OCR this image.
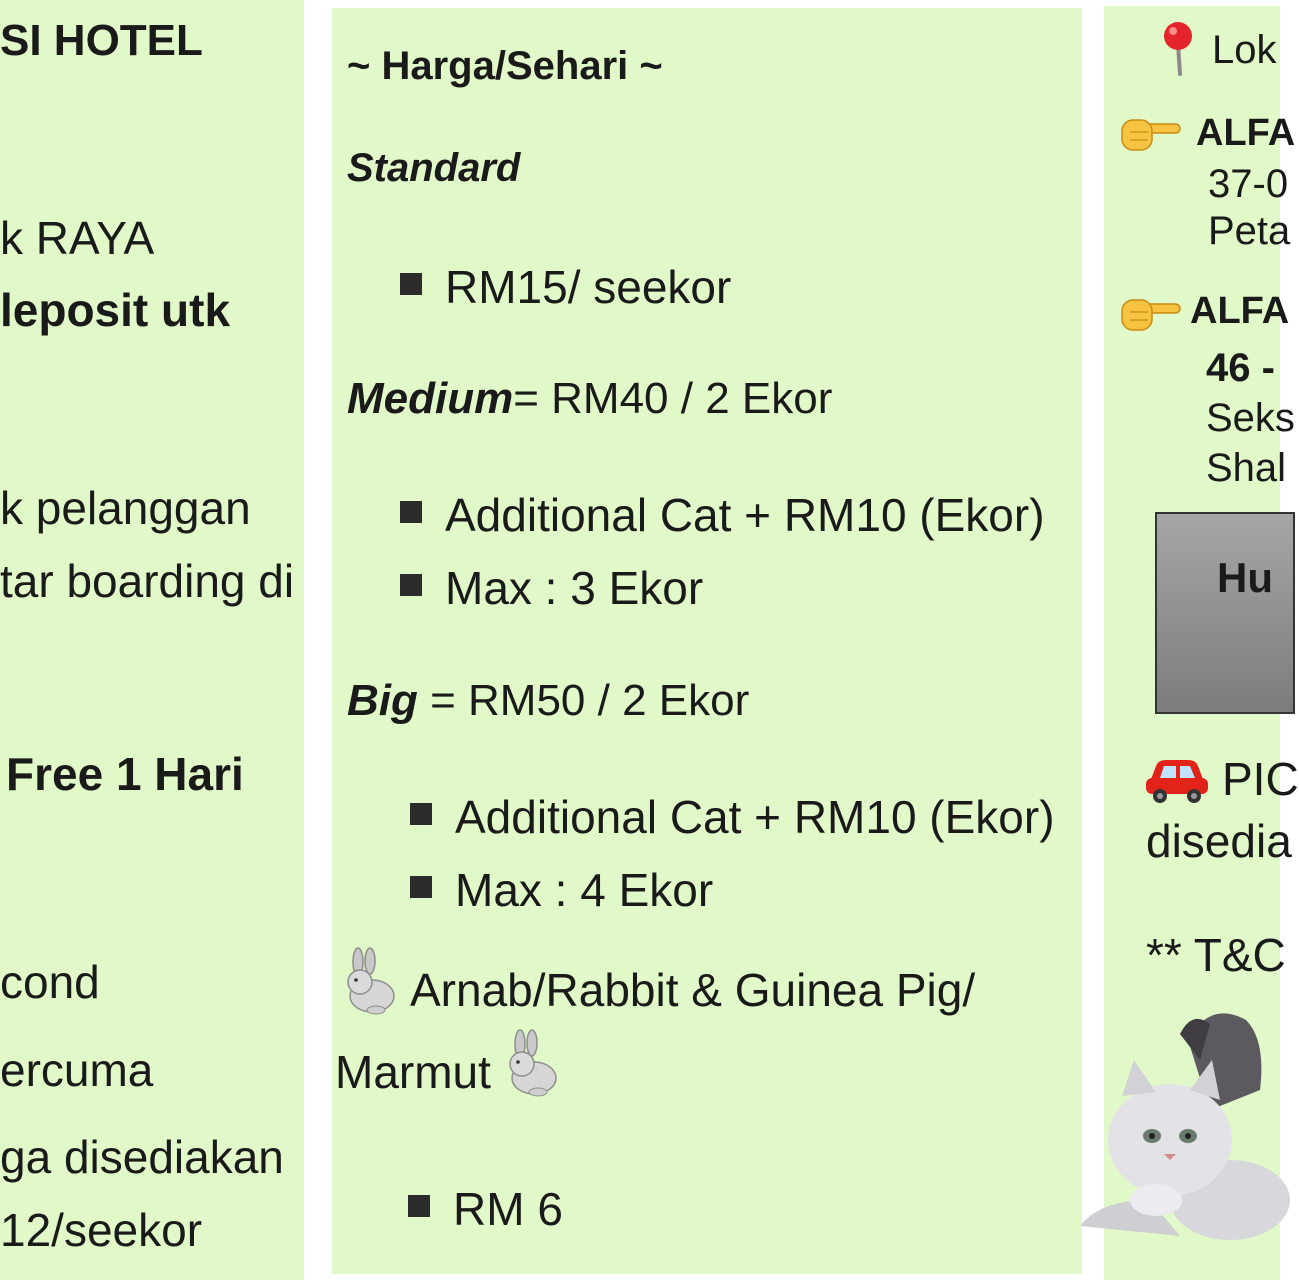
SI HOTEL
k RAYA
leposit utk
k pelanggan
tar boarding di
Free 1 Hari
cond
ercuma
ga disediakan
12/seekor
~ Harga/Sehari ~
Standard
RM15/ seekor
Medium= RM40 / 2 Ekor
Additional Cat + RM10 (Ekor)
Max : 3 Ekor
Big = RM50 / 2 Ekor
Additional Cat + RM10 (Ekor)
Max : 4 Ekor
Arnab/Rabbit & Guinea Pig/
Marmut
RM 6
Lok
ALFA
37-0
Peta
ALFA
46 -
Seks
Shal
Hu
PIC
disedia
** T&C
